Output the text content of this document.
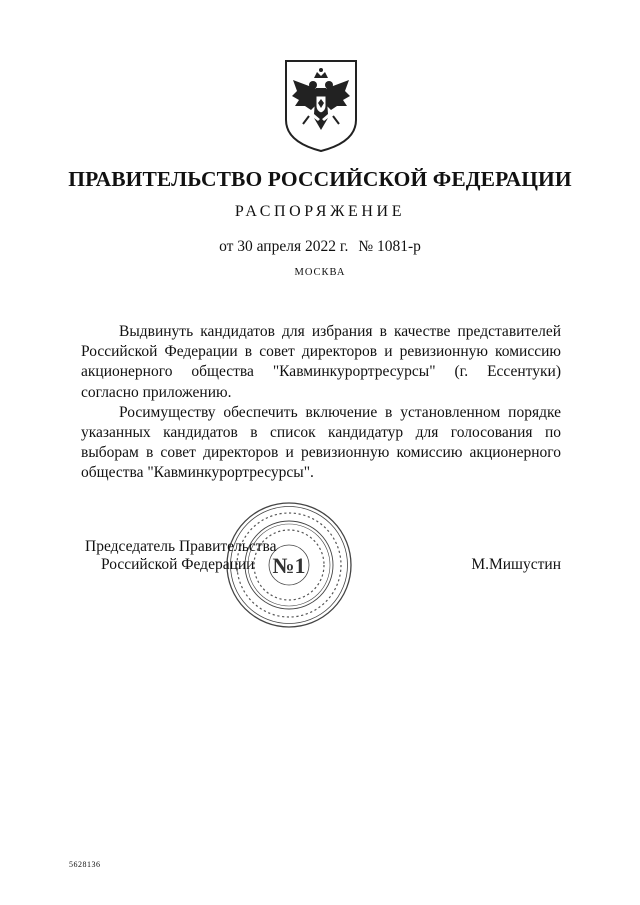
ПРАВИТЕЛЬСТВО РОССИЙСКОЙ ФЕДЕРАЦИИ
РАСПОРЯЖЕНИЕ
от 30 апреля 2022 г. № 1081-р
МОСКВА

Выдвинуть кандидатов для избрания в качестве представителей Российской Федерации в совет директоров и ревизионную комиссию акционерного общества "Кавминкурортресурсы" (г. Ессентуки) согласно приложению.

Росимуществу обеспечить включение в установленном порядке указанных кандидатов в список кандидатур для голосования по выборам в совет директоров и ревизионную комиссию акционерного общества "Кавминкурортресурсы".

№1
Председатель Правительства
Российской Федерации	М.Мишустин
5628136
